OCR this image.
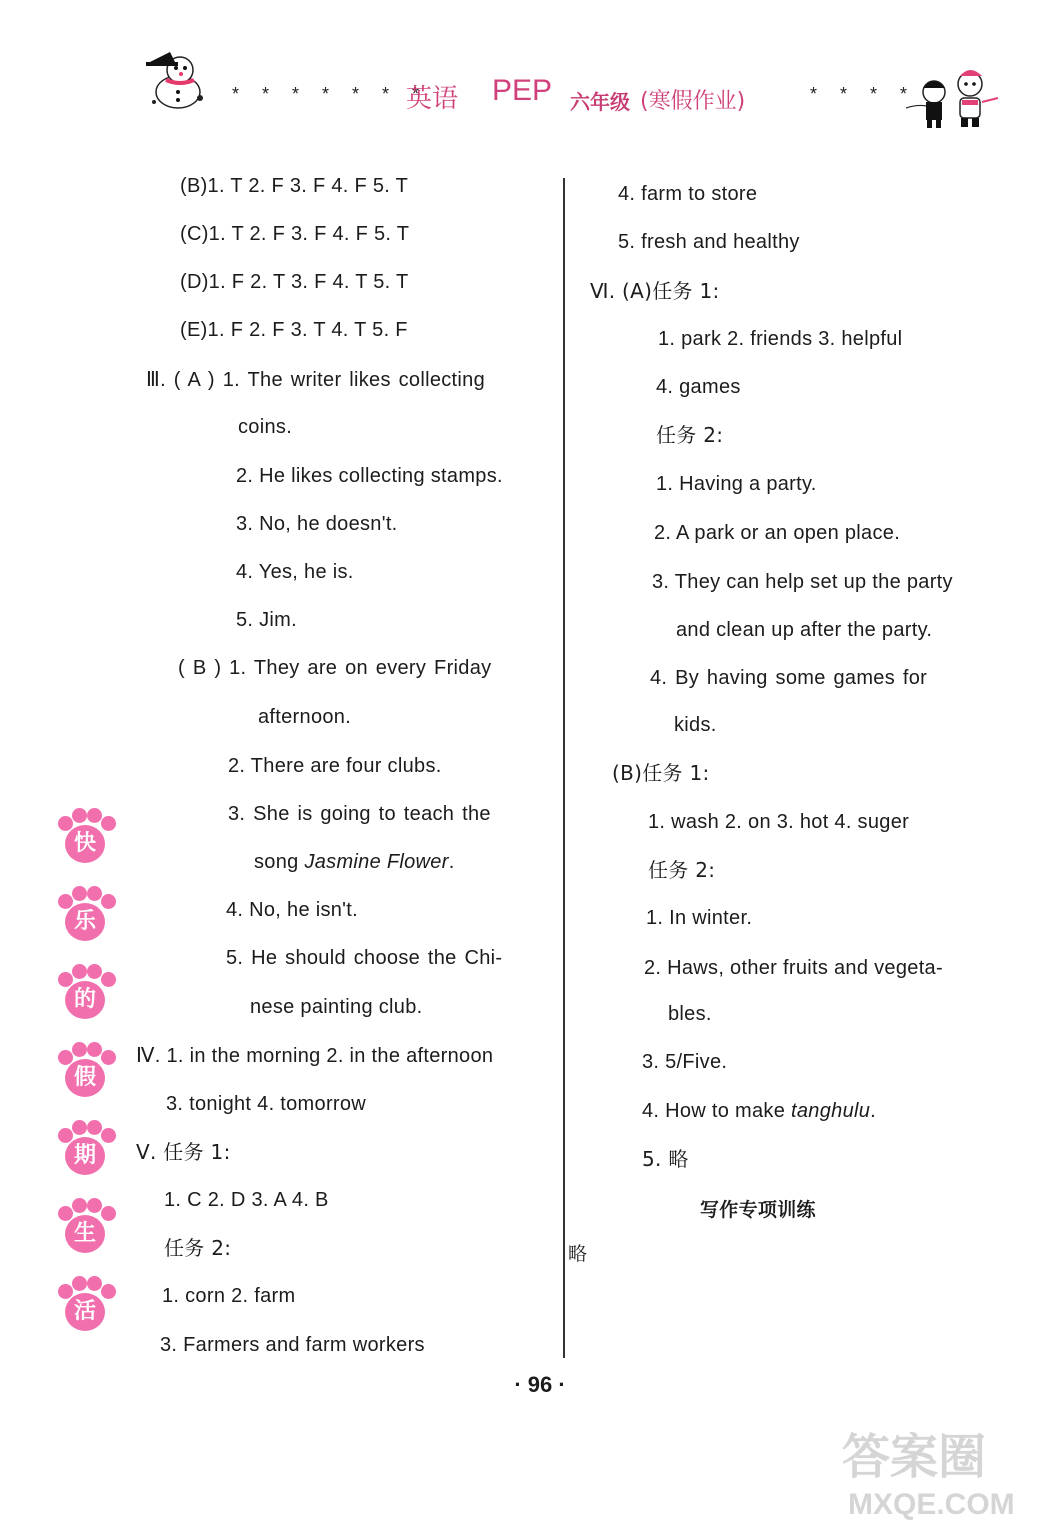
* * * * * * *
英语 PEP 六年级 (寒假作业)	* * * *
(B)1. T 2. F 3. F 4. F 5. T
(C)1. T 2. F 3. F 4. F 5. T
(D)1. F 2. T 3. F 4. T 5. T
(E)1. F 2. F 3. T 4. T 5. F
Ⅲ. ( A ) 1. The writer likes collecting
coins.
2. He likes collecting stamps.
3. No, he doesn't.
4. Yes, he is.
5. Jim.
( B ) 1. They are on every Friday
afternoon.
2. There are four clubs.
3. She is going to teach the
song Jasmine Flower.
4. No, he isn't.
5. He should choose the Chi-
nese painting club.
Ⅳ. 1. in the morning 2. in the afternoon
3. tonight 4. tomorrow
Ⅴ. 任务 1:
1. C 2. D 3. A 4. B
任务 2:
1. corn 2. farm
3. Farmers and farm workers
4. farm to store
5. fresh and healthy
Ⅵ. (A)任务 1:
1. park 2. friends 3. helpful
4. games
任务 2:
1. Having a party.
2. A park or an open place.
3. They can help set up the party
and clean up after the party.
4. By having some games for
kids.
(B)任务 1:
1. wash 2. on 3. hot 4. suger
任务 2:
1. In winter.
2. Haws, other fruits and vegeta-
bles.
3. 5/Five.
4. How to make tanghulu.
5. 略
写作专项训练
略
快
乐
的
假
期
生
活
· 96 ·
答案圈
MXQE.COM
